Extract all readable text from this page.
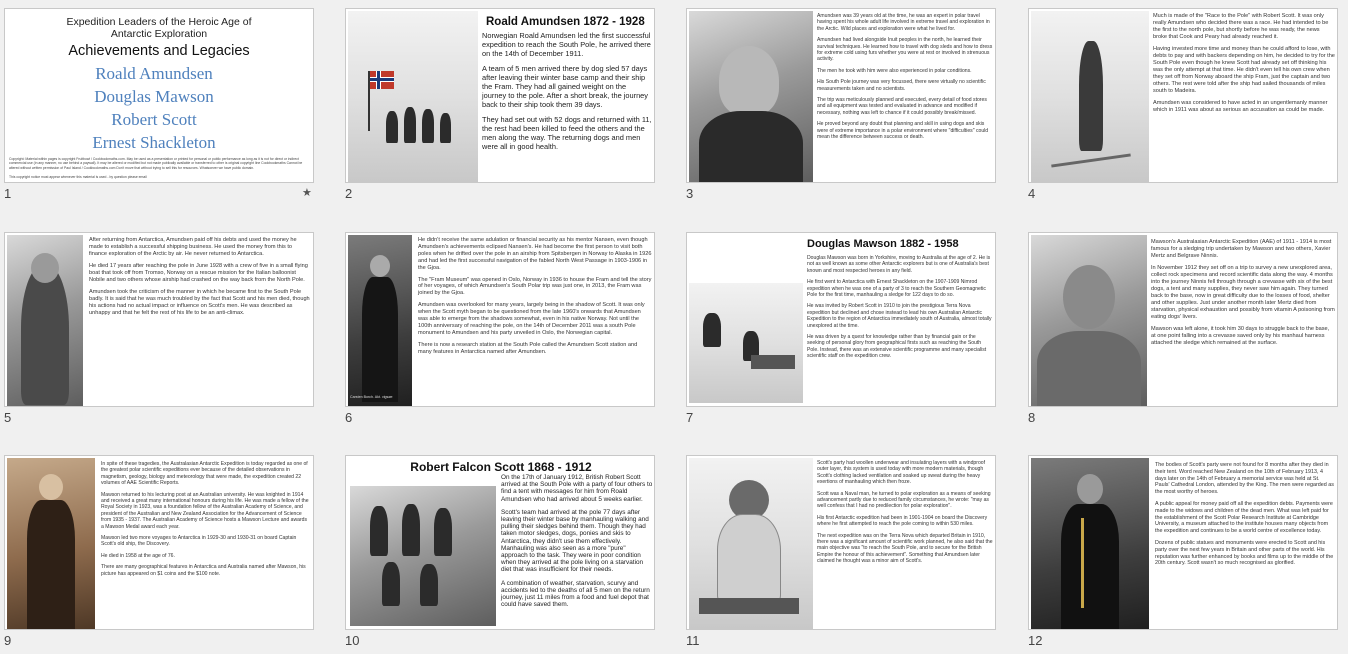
Expedition Leaders of the Heroic Age of
Antarctic Exploration
Achievements and Legacies
Roald Amundsen
Douglas Mawson
Robert Scott
Ernest Shackleton
Copyright: Material within pages is copyright Fruitbowl / Cookbookmaths.com. May be used as a presentation or printed for personal or public performance as long as it is not for direct or indirect commercial use (in any manner, no use behind a paywall). It may be altered or modified but not made publically available or transferred to other is original copyright line Cookbookmaths Cannot be altered without written permission of Paul Island / Cookbookmaths.com Don't move that without trying to sell this for resources. Whatsoever we have public domain.
This copyright notice must appear whenever this material is used - by question please email
1	★
Roald Amundsen 1872 - 1928

Norwegian Roald Amundsen led the first successful expedition to reach the South Pole, he arrived there on the 14th of December 1911.

A team of 5 men arrived there by dog sled 57 days after leaving their winter base camp and their ship the Fram. They had all gained weight on the journey to the pole. After a short break, the journey back to their ship took them 39 days.

They had set out with 52 dogs and returned with 11, the rest had been killed to feed the others and the men along the way. The returning dogs and men were all in good health.

2

Amundsen was 39 years old at the time, he was an expert in polar travel having spent his whole adult life involved in extreme travel and exploration in the Arctic. Wild places and exploration were what he lived for.

Amundsen had lived alongside Inuit peoples in the north, he learned their survival techniques. He learned how to travel with dog sleds and how to dress for extreme cold using furs whether you were at rest or involved in strenuous activity.

The men he took with him were also experienced in polar conditions.

His South Pole journey was very focussed, there were virtually no scientific measurements taken and no scientists.

The trip was meticulously planned and executed, every detail of food stores and all equipment was tested and evaluated in advance and modified if necessary, nothing was left to chance if it could possibly break/missed.

He proved beyond any doubt that planning and skill in using dogs and skis were of extreme importance in a polar environment where "difficulties" could mean the difference between success or death.

3

Much is made of the "Race to the Pole" with Robert Scott. It was only really Amundsen who decided there was a race. He had intended to be the first to the north pole, but shortly before he was ready, the news broke that Cook and Peary had already reached it.

Having invested more time and money than he could afford to lose, with debts to pay and with backers depending on him, he decided to try for the South Pole even though he knew Scott had already set off thinking his was the only attempt at that time. He didn't even tell his own crew when they set off from Norway aboard the ship Fram, just the captain and two others. The rest were told after the ship had sailed thousands of miles south to Madeira.

Amundsen was considered to have acted in an ungentlemanly manner which in 1911 was about as serious an accusation as could be made.

4

After returning from Antarctica, Amundsen paid off his debts and used the money he made to establish a successful shipping business. He used the money from this to finance exploration of the Arctic by air. He never returned to Antarctica.

He died 17 years after reaching the pole in June 1928 with a crew of five in a small flying boat that took off from Tromso, Norway on a rescue mission for the Italian balloonist Nobile and two others whose airship had crashed on the way back from the North Pole.

Amundsen took the criticism of the manner in which he became first to the South Pole badly. It is said that he was much troubled by the fact that Scott and his men died, though his actions had no actual impact or influence on Scott's men. He was described as unhappy and that he felt the rest of his life to be an anti-climax.

5
Carsten Borch. Akt. vigsøe

He didn't receive the same adulation or financial security as his mentor Nansen, even though Amundsen's achievements eclipsed Nansen's. He had become the first person to visit both poles when he drifted over the pole in an airship from Spitsbergen in Norway to Alaska in 1926 and had led the first successful navigation of the fabled North West Passage in 1903-1906 in the Gjoa.

The "Fram Museum" was opened in Oslo, Norway in 1936 to house the Fram and tell the story of her voyages, of which Amundsen's South Polar trip was just one, in 2013, the Fram was joined by the Gjoa.

Amundsen was overlooked for many years, largely being in the shadow of Scott. It was only when the Scott myth began to be questioned from the late 1960's onwards that Amundsen was able to emerge from the shadows somewhat, even in his native Norway. Not until the 100th anniversary of reaching the pole, on the 14th of December 2011 was a south Pole monument to Amundsen and his party unveiled in Oslo, the Norwegian capital.

There is now a research station at the South Pole called the Amundsen Scott station and many features in Antarctica named after Amundsen.

6
Douglas Mawson 1882 - 1958

Douglas Mawson was born in Yorkshire, moving to Australia at the age of 2. He is not as well known as some other Antarctic explorers but is one of Australia's best known and most respected heroes in any field.

He first went to Antarctica with Ernest Shackleton on the 1907-1909 Nimrod expedition when he was one of a party of 3 to reach the Southern Geomagnetic Pole for the first time, manhauling a sledge for 122 days to do so.

He was invited by Robert Scott in 1910 to join the prestigious Terra Nova expedition but declined and chose instead to lead his own Australian Antarctic Expedition to the region of Antarctica immediately south of Australia, almost totally unexplored at the time.

He was driven by a quest for knowledge rather than by financial gain or the seeking of personal glory from geographical firsts such as reaching the South Pole. Instead, there was an extensive scientific programme and many specialist scientific staff on the expedition crew.

7

Mawson's Australasian Antarctic Expedition (AAE) of 1911 - 1914 is most famous for a sledging trip undertaken by Mawson and two others, Xavier Mertz and Belgrave Ninnis.

In November 1912 they set off on a trip to survey a new unexplored area, collect rock specimens and record scientific data along the way. 4 months into the journey Ninnis fell through through a crevasse with six of the best dogs, a tent and many supplies, they never saw him again. They turned back to the base, now in great difficulty due to the losses of food, shelter and other supplies. Just under another month later Mertz died from starvation, physical exhaustion and possibly from vitamin A poisoning from eating dogs' livers.

Mawson was left alone, it took him 30 days to struggle back to the base, at one point falling into a crevasse saved only by his manhaul harness attached the sledge which remained at the surface.

8

In spite of these tragedies, the Australasian Antarctic Expedition is today regarded as one of the greatest polar scientific expeditions ever because of the detailed observations in magnetism, geology, biology and meteorology that were made, the expedition created 22 volumes of AAE Scientific Reports.

Mawson returned to his lecturing post at an Australian university. He was knighted in 1914 and received a great many international honours during his life. He was made a fellow of the Royal Society in 1923, was a foundation fellow of the Australian Academy of Science, and president of the Australian and New Zealand Association for the Advancement of Science from 1935 - 1937. The Australian Academy of Science hosts a Mawson Lecture and awards a Mawson Medal award each year.

Mawson led two more voyages to Antarctica in 1929-30 and 1930-31 on board Captain Scott's old ship, the Discovery.

He died in 1958 at the age of 76.

There are many geographical features in Antarctica and Australia named after Mawson, his picture has appeared on $1 coins and the $100 note.

9
Robert Falcon Scott 1868 - 1912

On the 17th of January 1912, British Robert Scott arrived at the South Pole with a party of four others to find a tent with messages for him from Roald Amundsen who had arrived about 5 weeks earlier.

Scott's team had arrived at the pole 77 days after leaving their winter base by manhauling walking and pulling their sledges behind them. Though they had taken motor sledges, dogs, ponies and skis to Antarctica, they didn't use them effectively. Manhauling was also seen as a more "pure" approach to the task. They were in poor condition when they arrived at the pole living on a starvation diet that was insufficient for their needs.

A combination of weather, starvation, scurvy and accidents led to the deaths of all 5 men on the return journey, just 11 miles from a food and fuel depot that could have saved them.

10

Scott's party had woollen underwear and insulating layers with a windproof outer layer, this system is used today with more modern materials, though Scott's clothing lacked ventilation and soaked up sweat during the heavy exertions of manhauling which then froze.

Scott was a Naval man, he turned to polar exploration as a means of seeking advancement partly due to reduced family circumstances, he wrote: "may as well confess that I had no predilection for polar exploration".

His first Antarctic expedition had been in 1901-1904 on board the Discovery where he first attempted to reach the pole coming to within 530 miles.

The next expedition was on the Terra Nova which departed Britain in 1910, there was a significant amount of scientific work planned, he also said that the main objective was "to reach the South Pole, and to secure for the British Empire the honour of this achievement". Something that Amundsen later claimed he thought was a minor aim of Scott's.

11

The bodies of Scott's party were not found for 8 months after they died in their tent. Word reached New Zealand on the 10th of February 1913, 4 days later on the 14th of February a memorial service was held at St. Pauls' Cathedral London, attended by the King. The men were regarded as the most worthy of heroes.

A public appeal for money paid off all the expedition debts. Payments were made to the widows and children of the dead men. What was left paid for the establishment of the Scott Polar Research Institute at Cambridge University, a museum attached to the institute houses many objects from the expedition and continues to be a world centre of excellence today.

Dozens of public statues and monuments were erected to Scott and his party over the next few years in Britain and other parts of the world. His reputation was further enhanced by books and films up to the middle of the 20th century. Scott wasn't so much recognised as glorified.

12
